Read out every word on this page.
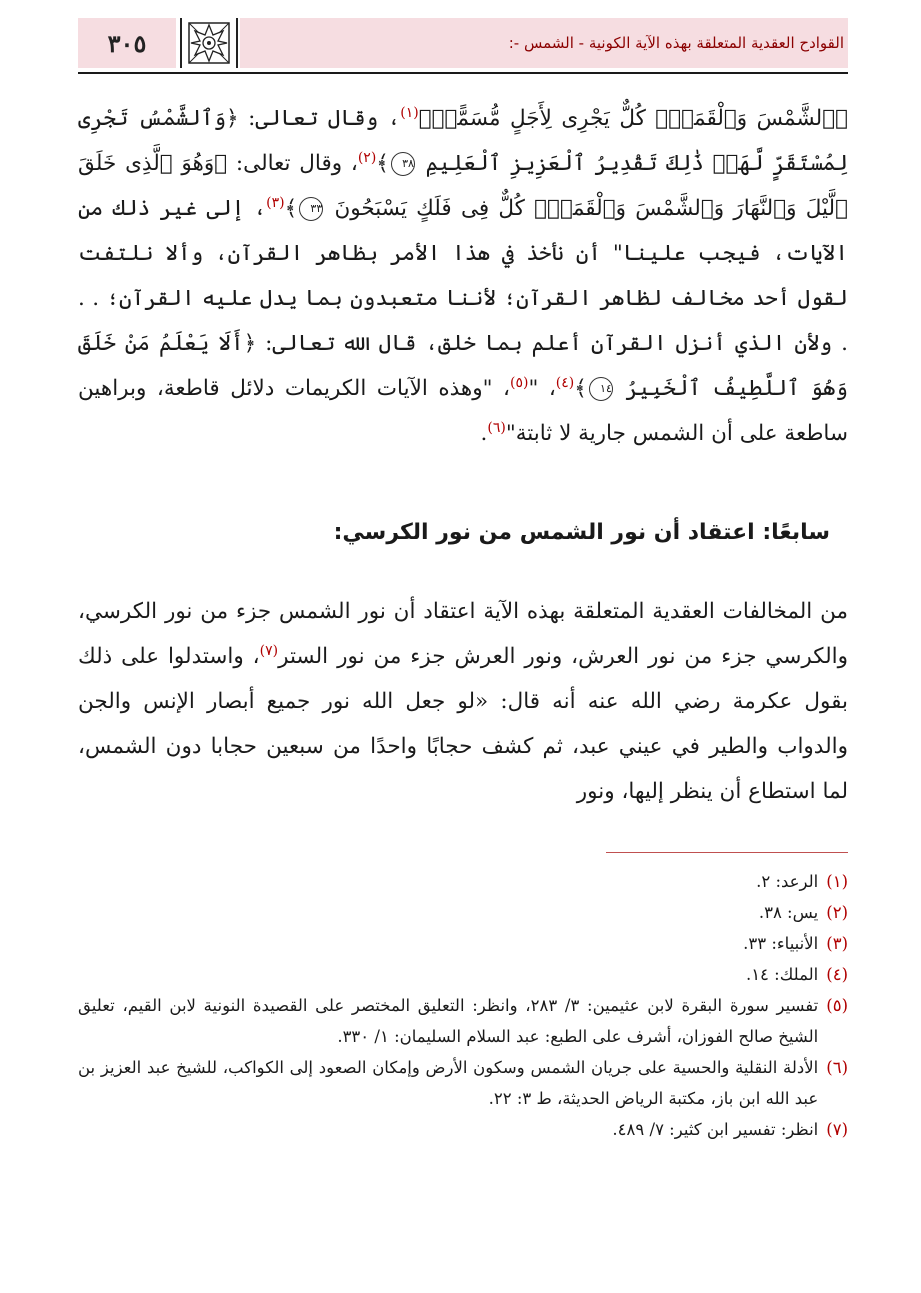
٣٠٥	القوادح العقدية المتعلقة بهذه الآية الكونية - الشمس -:
﴿ٱلشَّمْسَ وَٱلْقَمَرَۖ كُلٌّ يَجْرِى لِأَجَلٍ مُّسَمًّىۚ﴾$^{(١)}$، وقال تعالى: ﴿وَٱلشَّمْسُ تَجْرِى لِمُسْتَقَرٍّ لَّهَاۚ ذَٰلِكَ تَقْدِيرُ ٱلْعَزِيزِ ٱلْعَلِيمِ ٣٨﴾$^{(٢)}$، وقال تعالى: ﴿وَهُوَ ٱلَّذِى خَلَقَ ٱلَّيْلَ وَٱلنَّهَارَ وَٱلشَّمْسَ وَٱلْقَمَرَۖ كُلٌّ فِى فَلَكٍ يَسْبَحُونَ ٣٣﴾$^{(٣)}$، إلى غير ذلك من الآيات، فيجب علينا" أن نأخذ في هذا الأمر بظاهر القرآن، وألا نلتفت لقول أحد مخالف لظاهر القرآن؛ لأننا متعبدون بما يدل عليه القرآن؛ . . . ولأن الذي أنزل القرآن أعلم بما خلق، قال الله تعالى: ﴿أَلَا يَعْلَمُ مَنْ خَلَقَ وَهُوَ ٱللَّطِيفُ ٱلْخَبِيرُ ١٤﴾$^{(٤)}$، "$^{(٥)}$، "وهذه الآيات الكريمات دلائل قاطعة، وبراهين ساطعة على أن الشمس جارية لا ثابتة"$^{(٦)}$.
سابعًا: اعتقاد أن نور الشمس من نور الكرسي:
من المخالفات العقدية المتعلقة بهذه الآية اعتقاد أن نور الشمس جزء من نور الكرسي، والكرسي جزء من نور العرش، ونور العرش جزء من نور الستر$^{(٧)}$، واستدلوا على ذلك بقول عكرمة رضي الله عنه أنه قال: «لو جعل الله نور جميع أبصار الإنس والجن والدواب والطير في عيني عبد، ثم كشف حجابًا واحدًا من سبعين حجابا دون الشمس، لما استطاع أن ينظر إليها، ونور
(١)
الرعد: ٢.
(٢)
يس: ٣٨.
(٣)
الأنبياء: ٣٣.
(٤)
الملك: ١٤.
(٥)
تفسير سورة البقرة لابن عثيمين: ٣/ ٢٨٣، وانظر: التعليق المختصر على القصيدة النونية لابن القيم، تعليق الشيخ صالح الفوزان، أشرف على الطبع: عبد السلام السليمان: ١/ ٣٣٠.
(٦)
الأدلة النقلية والحسية على جريان الشمس وسكون الأرض وإمكان الصعود إلى الكواكب، للشيخ عبد العزيز بن عبد الله ابن باز، مكتبة الرياض الحديثة، ط ٣: ٢٢.
(٧)
انظر: تفسير ابن كثير: ٧/ ٤٨٩.
